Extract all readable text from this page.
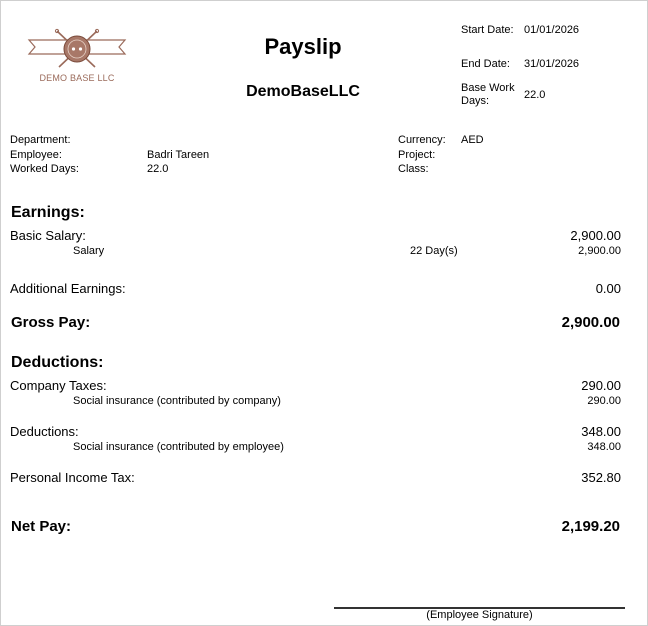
DEMO BASE LLC
Payslip
DemoBaseLLC
Start Date: 01/01/2026
End Date: 31/01/2026
Base Work
Days:	22.0
Department:
Employee:	Badri Tareen
Worked Days:	22.0
Currency: AED
Project:
Class:
Earnings:
Basic Salary:	2,900.00
Salary	22 Day(s)	2,900.00
Additional Earnings:	0.00
Gross Pay:	2,900.00
Deductions:
Company Taxes:	290.00
Social insurance (contributed by company)	290.00
Deductions:	348.00
Social insurance (contributed by employee)	348.00
Personal Income Tax:	352.80
Net Pay:	2,199.20
(Employee Signature)
